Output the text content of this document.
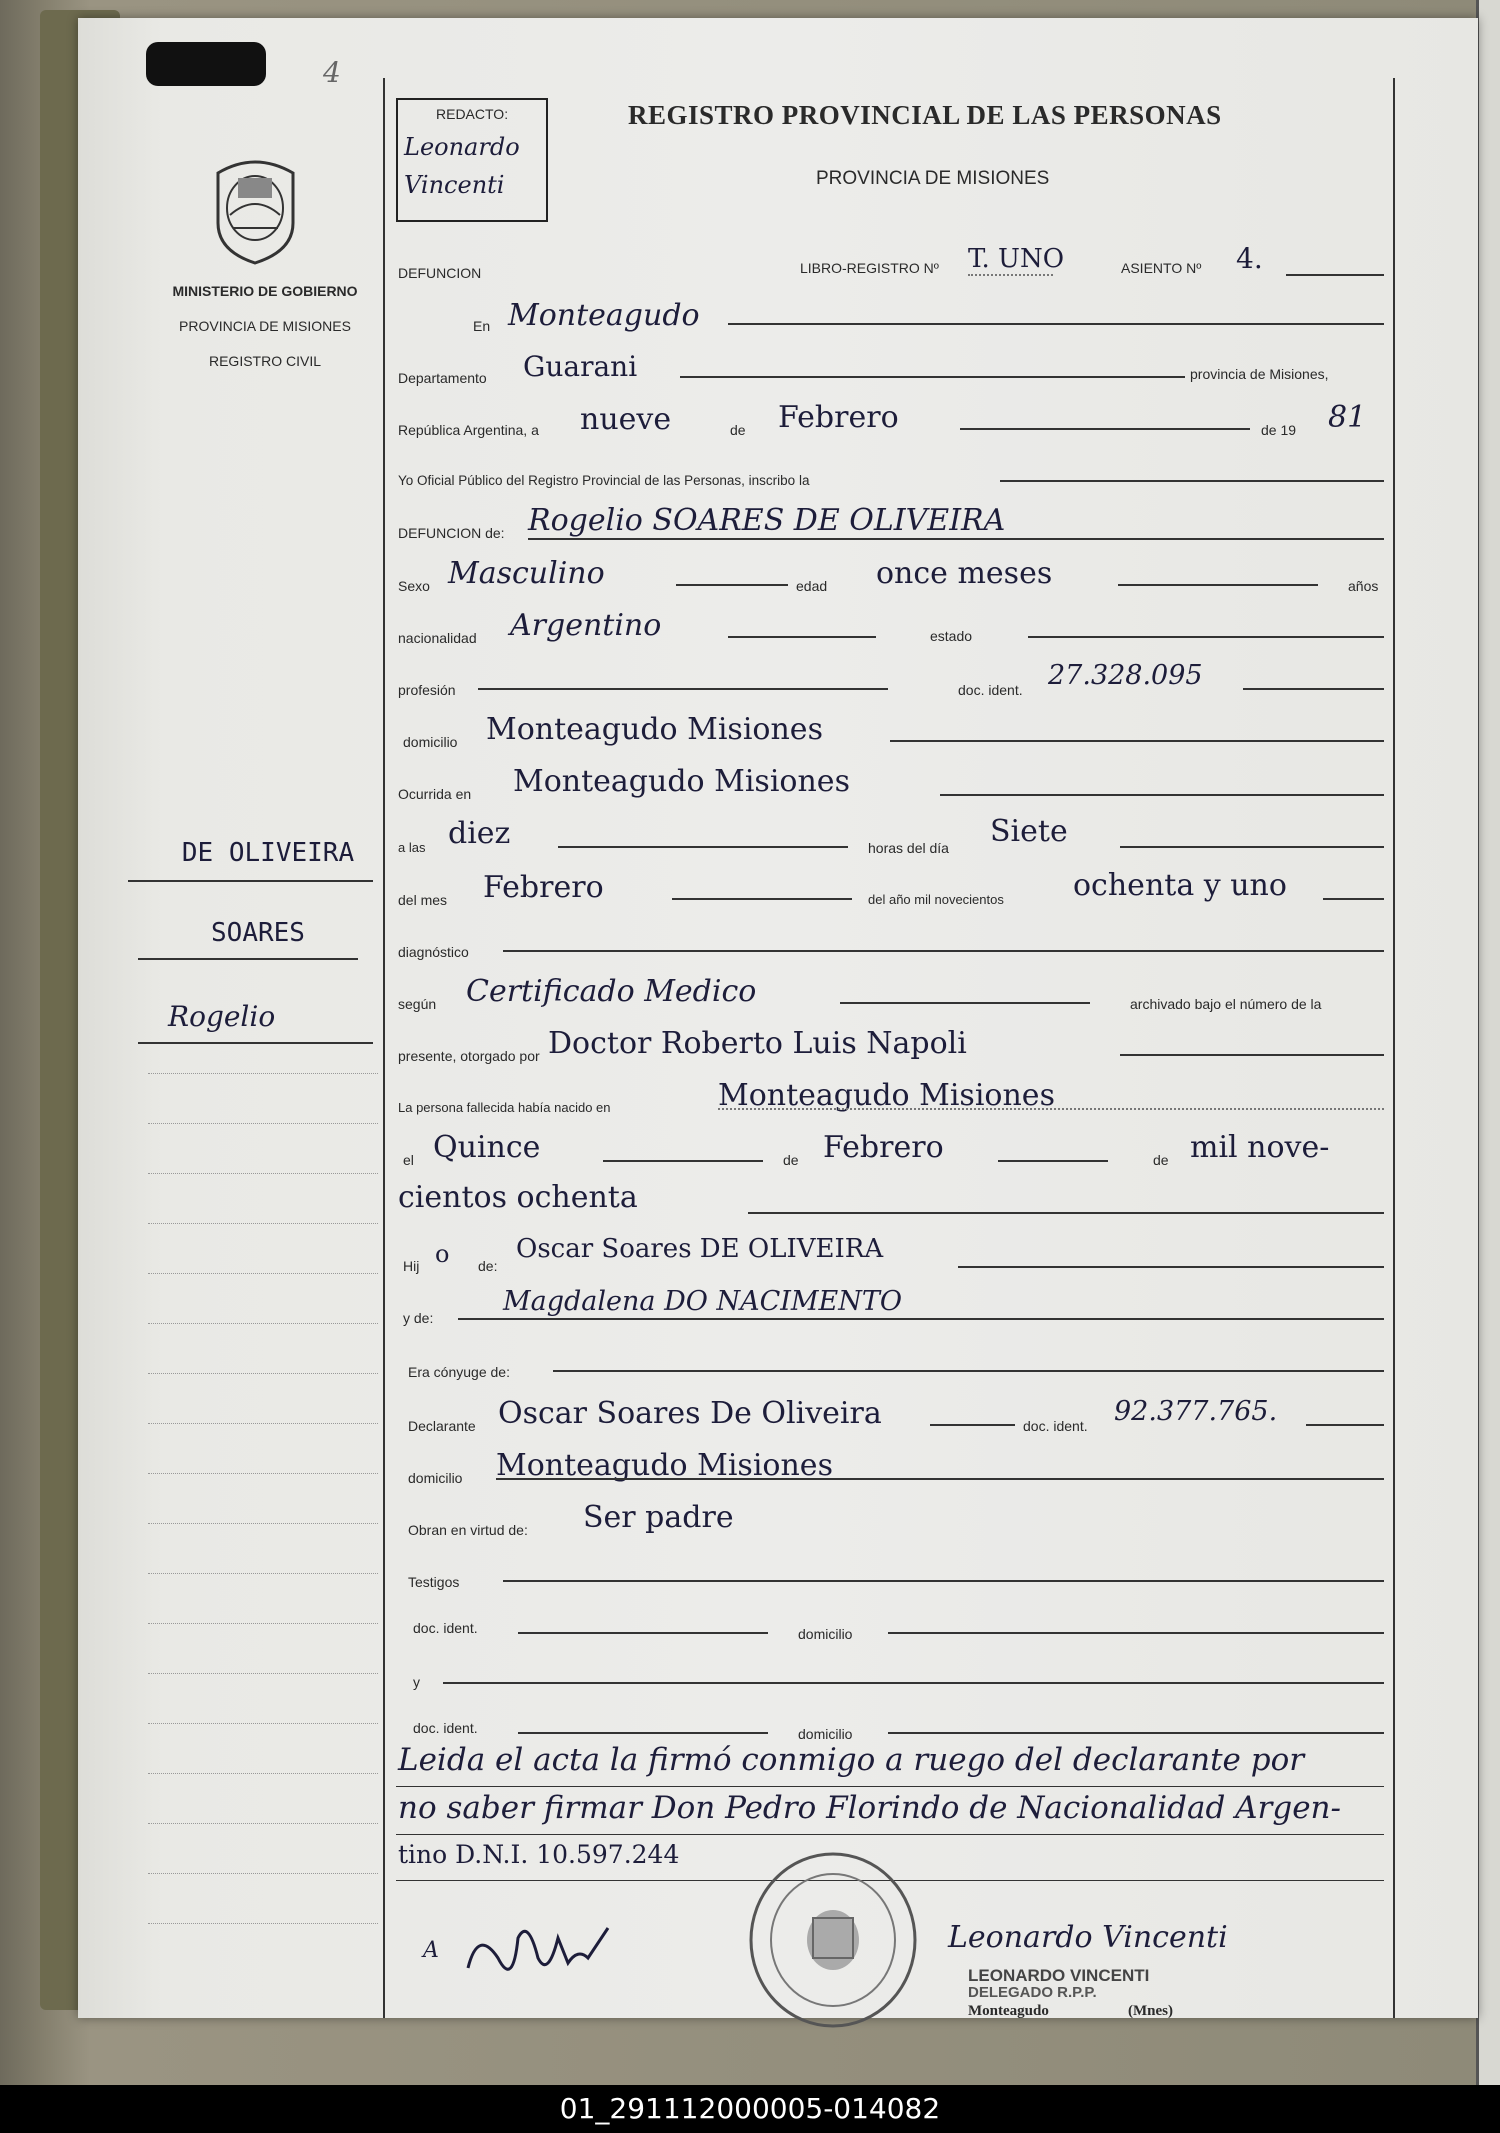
4
REDACTO:
Leonardo Vincenti
REGISTRO PROVINCIAL DE LAS PERSONAS
PROVINCIA DE MISIONES
MINISTERIO DE GOBIERNO
PROVINCIA DE MISIONES
REGISTRO CIVIL
DE OLIVEIRA
SOARES
Rogelio
DEFUNCION	LIBRO-REGISTRO Nº T. UNO	ASIENTO Nº 4.
En Monteagudo
Departamento Guarani	provincia de Misiones,
República Argentina, a nueve	de Febrero	de 19 81
Yo Oficial Público del Registro Provincial de las Personas, inscribo la
DEFUNCION de: Rogelio SOARES DE OLIVEIRA
Sexo Masculino	edad once meses	años
nacionalidad Argentino	estado
profesión	doc. ident. 27.328.095
domicilio Monteagudo Misiones
Ocurrida en Monteagudo Misiones
a las diez	horas del día Siete
del mes Febrero	del año mil novecientos ochenta y uno
diagnóstico
según Certificado Medico	archivado bajo el número de la
presente, otorgado por Doctor Roberto Luis Napoli
La persona fallecida había nacido en	Monteagudo Misiones
el Quince	de Febrero	de mil nove-
cientos ochenta
Hij o de:
Oscar Soares DE OLIVEIRA
y de:
Magdalena DO NACIMENTO
Era cónyuge de:
Declarante Oscar Soares De Oliveira	doc. ident. 92.377.765.
domicilio Monteagudo Misiones
Obran en virtud de: Ser padre
Testigos
doc. ident.	domicilio
y
doc. ident.	domicilio
Leida el acta la firmó conmigo a ruego del declarante por
no saber firmar Don Pedro Florindo de Nacionalidad Argen-
tino D.N.I. 10.597.244
A	Leonardo Vincenti
LEONARDO VINCENTI
DELEGADO R.P.P.
Monteagudo	(Mnes)
01_291112000005-014082
